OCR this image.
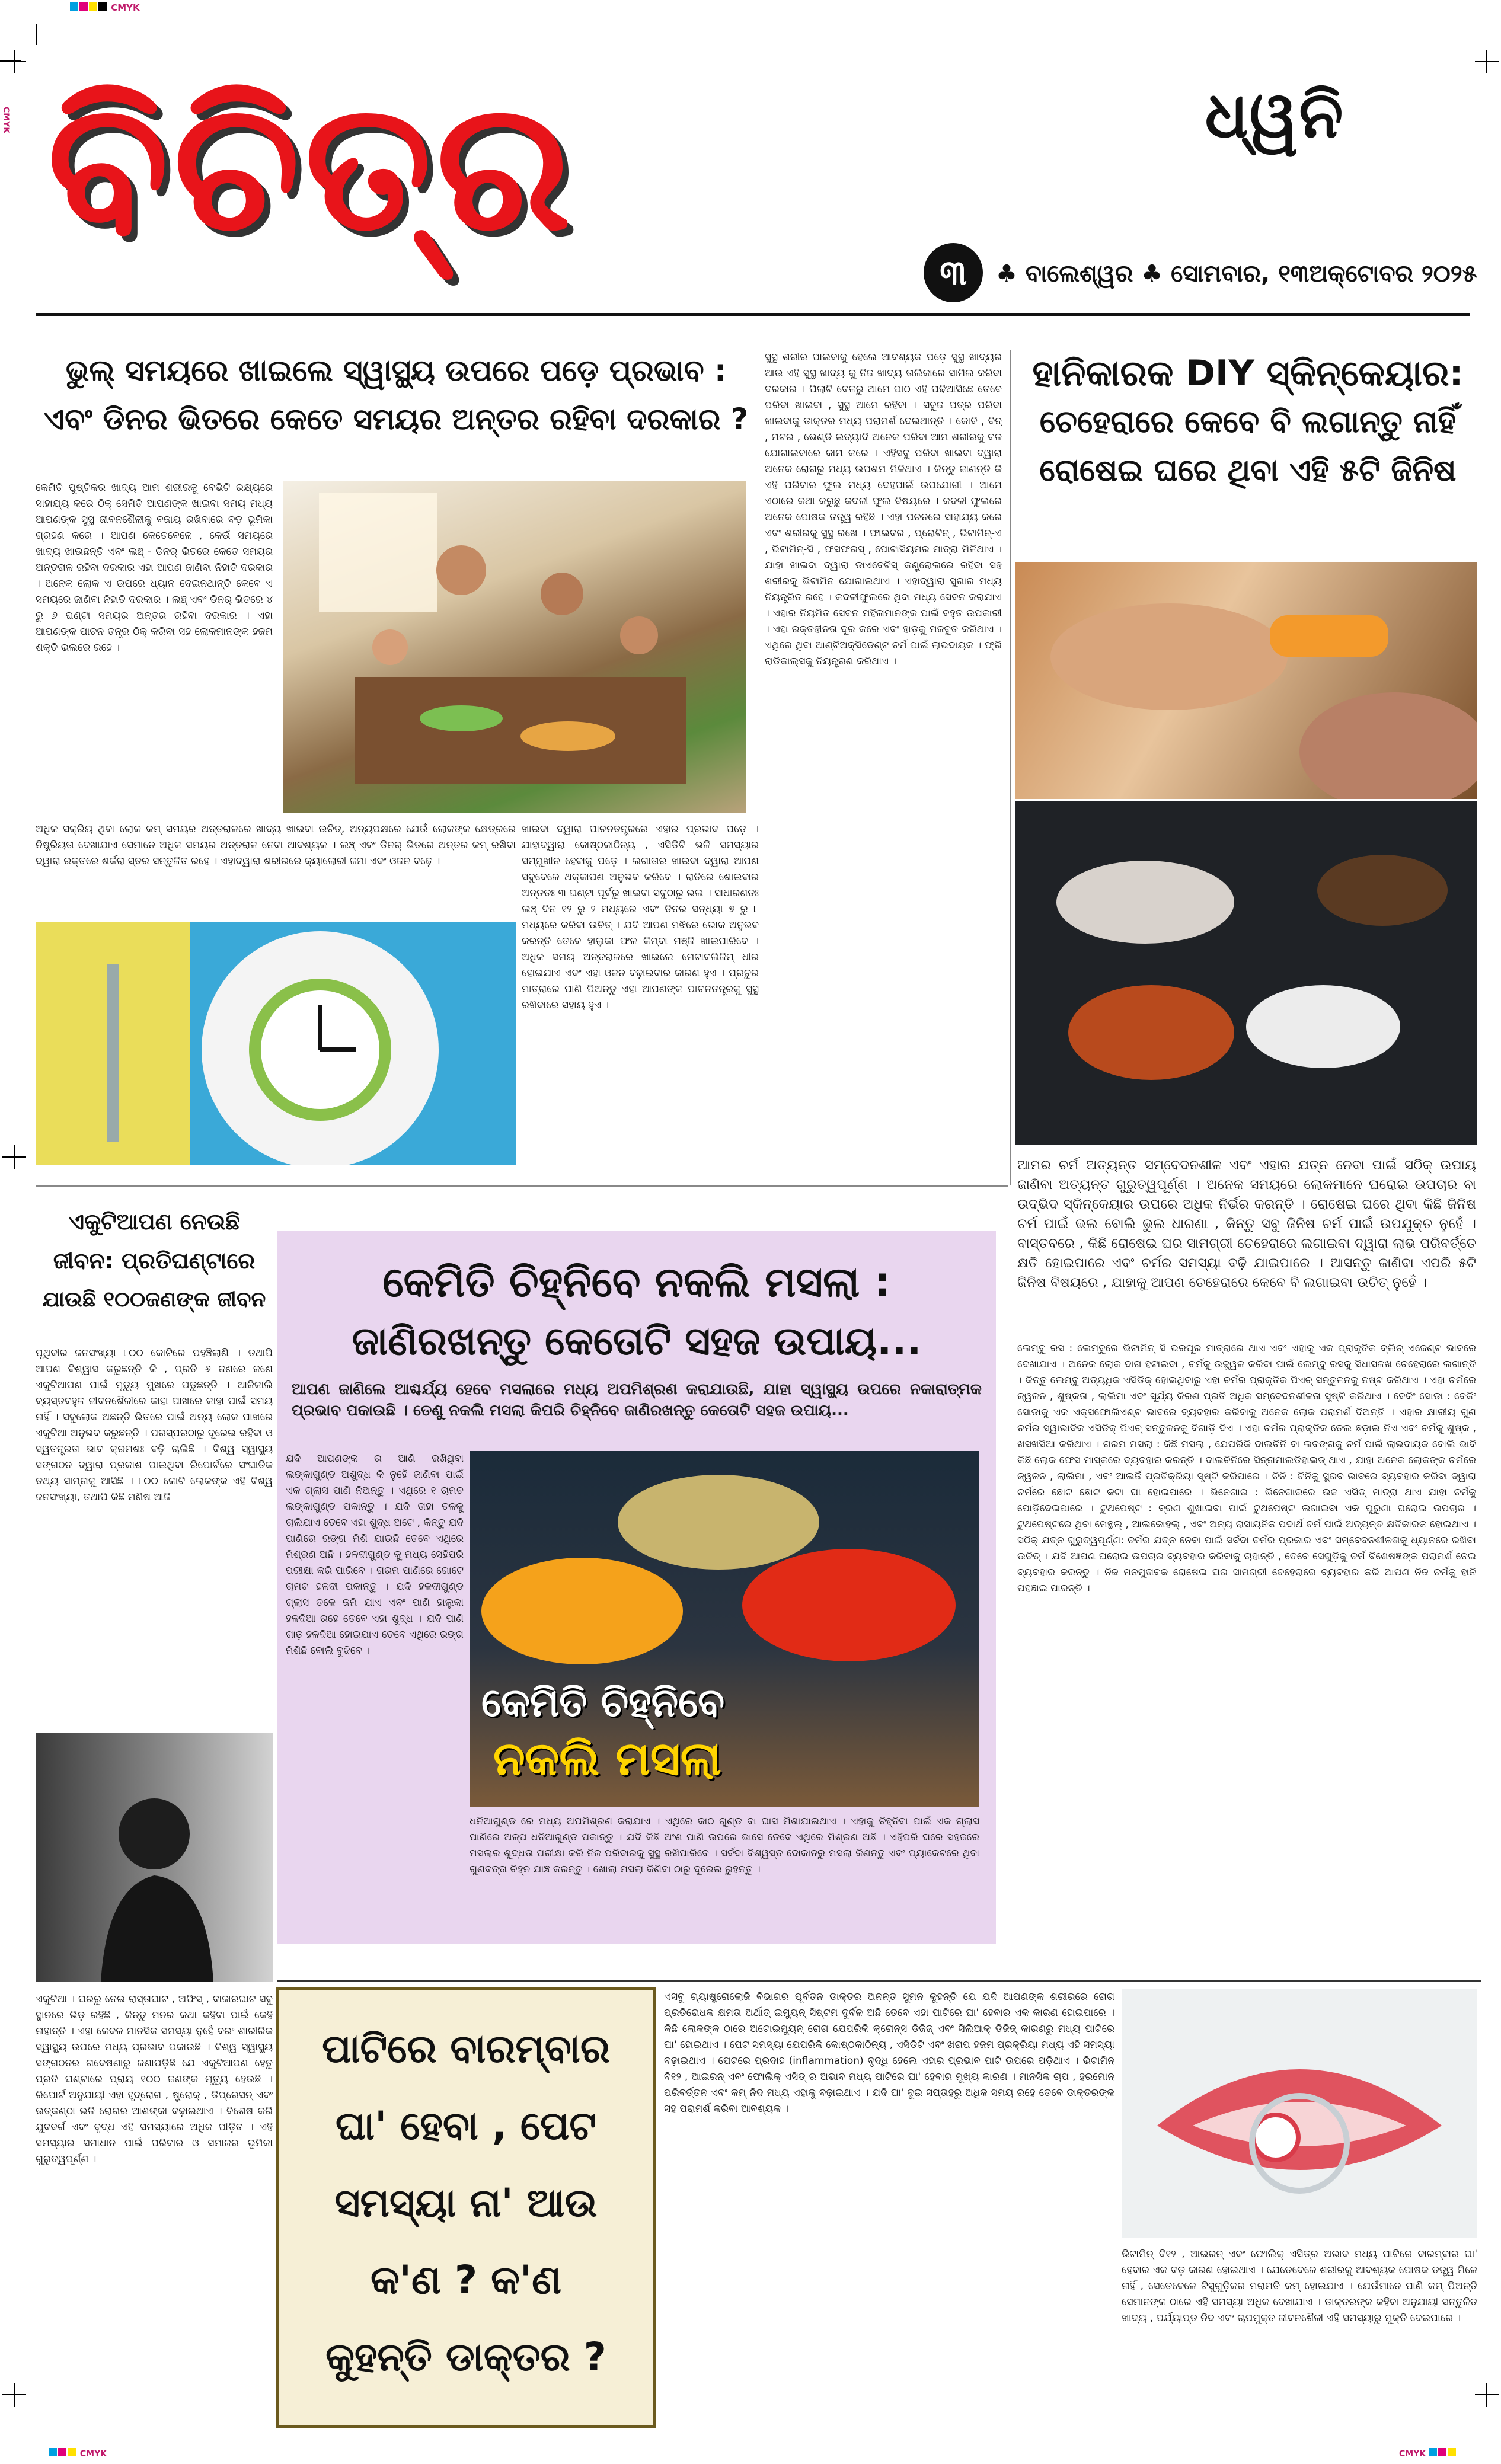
CMYK
CMYK ବିଚିତ୍ର	ଧ୍ୱନି
୩	♣ ବାଲେଶ୍ୱର ♣ ସୋମବାର, ୧୩ଅକ୍ଟୋବର ୨୦୨୫
ଭୁଲ୍ ସମୟରେ ଖାଇଲେ ସ୍ୱାସ୍ଥ୍ୟ ଉପରେ ପଡ଼େ ପ୍ରଭାବ :
ଏବଂ ଡିନର ଭିତରେ କେତେ ସମୟର ଅନ୍ତର ରହିବା ଦରକାର ?
କେମିତି ପୁଷ୍ଟିକର ଖାଦ୍ୟ ଆମ ଶରୀରକୁ ବେଭିଟି ରକ୍ଷ୍ୟରେ ସାହାଯ୍ୟ କରେ ଠିକ୍ ସେମିତି ଆପଣଙ୍କ ଖାଇବା ସମୟ ମଧ୍ୟ ଆପଣଙ୍କ ସୁସ୍ଥ ଜୀବନଶୈଳୀକୁ ବଜାୟ ରଖିବାରେ ବଡ଼ ଭୂମିକା ଗ୍ରହଣ କରେ । ଆପଣ କେତେବେଳେ , କେଉଁ ସମୟରେ ଖାଦ୍ୟ ଖାଉଛନ୍ତି ଏବଂ ଲଞ୍ଚ୍ - ଡିନର୍ ଭିତରେ କେତେ ସମୟର ଅନ୍ତରାଳ ରହିବା ଦରକାର ଏହା ଆପଣ ଜାଣିବା ନିହାତି ଦରକାର । ଅନେକ ଲୋକ ଏ ଉପରେ ଧ୍ୟାନ ଦେଇନଥାନ୍ତି କେବେ ଏ ସମୟରେ ଜାଣିବା ନିହାତି ଦରକାର । ଲଞ୍ଚ୍ ଏବଂ ଡିନର୍ ଭିତରେ ୪ ରୁ ୬ ଘଣ୍ଟା ସମୟର ଅନ୍ତର ରହିବା ଦରକାର । ଏହା ଆପଣଙ୍କ ପାଚନ ତନ୍ତ୍ର ଠିକ୍ କରିବା ସହ ଲୋକମାନଙ୍କ ହଜମ ଶକ୍ତି ଭଲରେ ରହେ ।
ଅଧିକ ସକ୍ରିୟ ଥିବା ଲୋକ କମ୍ ସମୟର ଅନ୍ତରାଳରେ ଖାଦ୍ୟ ଖାଇବା ଉଚିତ୍, ଅନ୍ୟପକ୍ଷରେ ଯେଉଁ ଲୋକଙ୍କ କ୍ଷେତ୍ରରେ ନିଷ୍କ୍ରିୟତା ଦେଖାଯାଏ ସେମାନେ ଅଧିକ ସମୟର ଅନ୍ତରାଳ ନେବା ଆବଶ୍ୟକ । ଲଞ୍ଚ୍ ଏବଂ ଡିନର୍ ଭିତରେ ଅନ୍ତର କମ୍ ରଖିବା ଦ୍ୱାରା ରକ୍ତରେ ଶର୍କରା ସ୍ତର ସନ୍ତୁଳିତ ରହେ । ଏହାଦ୍ୱାରା ଶରୀରରେ କ୍ୟାଲୋରୀ ଜମା ଏବଂ ଓଜନ ବଢ଼େ ।
ଖାଇବା ଦ୍ୱାରା ପାଚନତନ୍ତ୍ରରେ ଏହାର ପ୍ରଭାବ ପଡ଼େ । ଯାହାଦ୍ୱାରା କୋଷ୍ଠକାଠିନ୍ୟ , ଏସିଡିଟି ଭଳି ସମସ୍ୟାର ସମ୍ମୁଖୀନ ହେବାକୁ ପଡ଼େ । ଲଗାତାର ଖାଇବା ଦ୍ୱାରା ଆପଣ ସବୁବେଳେ ଥକ୍କାପଣ ଅନୁଭବ କରିବେ । ରାତିରେ ଶୋଇବାର ଅନ୍ତତଃ ୩ ଘଣ୍ଟା ପୂର୍ବରୁ ଖାଇବା ସବୁଠାରୁ ଭଲ । ସାଧାରଣତଃ ଲଞ୍ଚ୍ ଦିନ ୧୨ ରୁ ୨ ମଧ୍ୟରେ ଏବଂ ଡିନର ସନ୍ଧ୍ୟା ୭ ରୁ ୮ ମଧ୍ୟରେ କରିବା ଉଚିତ୍ । ଯଦି ଆପଣ ମଝିରେ ଭୋକ ଅନୁଭବ କରନ୍ତି ତେବେ ହାଲୁକା ଫଳ କିମ୍ବା ମଞ୍ଜି ଖାଇପାରିବେ । ଅଧିକ ସମୟ ଅନ୍ତରାଳରେ ଖାଇଲେ ମେଟାବଲିଜିମ୍ ଧୀର ହୋଇଯାଏ ଏବଂ ଏହା ଓଜନ ବଢ଼ାଇବାର କାରଣ ହୁଏ । ପ୍ରଚୁର ମାତ୍ରାରେ ପାଣି ପିଅନ୍ତୁ ଏହା ଆପଣଙ୍କ ପାଚନତନ୍ତ୍ରକୁ ସୁସ୍ଥ ରଖିବାରେ ସହାୟ ହୁଏ ।
ସୁସ୍ଥ ଶରୀର ପାଇବାକୁ ହେଲେ ଆବଶ୍ୟକ ପଡ଼େ ସୁସ୍ଥ ଖାଦ୍ୟର ଆଉ ଏହି ସୁସ୍ଥ ଖାଦ୍ୟ କୁ ନିଜ ଖାଦ୍ୟ ତାଲିକାରେ ସାମିଲ କରିବା ଦରକାର । ପିଲାଟି ବେଳରୁ ଆମେ ପାଠ ଏହି ପଢିଆସିଛେ ତେବେ ପରିବା ଖାଇବା , ସୁସ୍ଥ ଆମେ ରହିବା । ସବୁଜ ପତ୍ର ପରିବା ଖାଇବାକୁ ଡାକ୍ତର ମଧ୍ୟ ପରାମର୍ଶ ଦେଇଥାନ୍ତି । କୋବି , ବିନ୍ , ମଟର , ଭେଣ୍ଡି ଇତ୍ୟାଦି ଅନେକ ପରିବା ଆମ ଶରୀରକୁ ବଳ ଯୋଗାଇବାରେ କାମ କରେ । ଏହିସବୁ ପରିବା ଖାଇବା ଦ୍ୱାରା ଅନେକ ରୋଗରୁ ମଧ୍ୟ ଉପଶମ ମିଳିଥାଏ । କିନ୍ତୁ ଜାଣନ୍ତି କି ଏହି ପରିବାର ଫୁଲ ମଧ୍ୟ ଦେହପାଇଁ ଉପଯୋଗୀ । ଆମେ ଏଠାରେ କଥା କରୁଛୁ କଦଳୀ ଫୁଲ ବିଷୟରେ । କଦଳୀ ଫୁଲରେ ଅନେକ ପୋଷକ ତତ୍ତ୍ୱ ରହିଛି । ଏହା ପଚନରେ ସାହାଯ୍ୟ କରେ ଏବଂ ଶରୀରକୁ ସୁସ୍ଥ ରଖେ । ଫାଇବର , ପ୍ରୋଟିନ୍ , ଭିଟାମିନ୍-ଏ , ଭିଟାମିନ୍-ସି , ଫସଫରସ୍ , ପୋଟାସିୟମର ମାତ୍ରା ମିଳିଥାଏ । ଯାହା ଖାଇବା ଦ୍ୱାରା ଡାଏବେଟିସ୍ କଣ୍ଟ୍ରୋଲରେ ରହିବା ସହ ଶରୀରକୁ ଭିଟାମିନ ଯୋଗାଇଥାଏ । ଏହାଦ୍ୱାରା ସୁଗାର ମଧ୍ୟ ନିୟନ୍ତ୍ରିତ ରହେ । କଦଳୀଫୁଲରେ ଥିବା ମଧ୍ୟ ସେବନ କରାଯାଏ । ଏହାର ନିୟମିତ ସେବନ ମହିଳାମାନଙ୍କ ପାଇଁ ବହୁତ ଉପକାରୀ । ଏହା ରକ୍ତହୀନତା ଦୂର କରେ ଏବଂ ହାଡ଼କୁ ମଜବୁତ କରିଥାଏ । ଏଥିରେ ଥିବା ଆଣ୍ଟିଅକ୍ସିଡେଣ୍ଟ ଚର୍ମ ପାଇଁ ଲାଭଦାୟକ । ଫ୍ରି ରାଡିକାଲ୍ସକୁ ନିୟନ୍ତ୍ରଣ କରିଥାଏ ।
ହାନିକାରକ DIY ସ୍କିନ୍‌କେୟାର:
ଚେହେରାରେ କେବେ ବି ଲଗାନ୍ତୁ ନାହିଁ
ରୋଷେଇ ଘରେ ଥିବା ଏହି ୫ଟି ଜିନିଷ
ଆମର ଚର୍ମ ଅତ୍ୟନ୍ତ ସମ୍ବେଦନଶୀଳ ଏବଂ ଏହାର ଯତ୍ନ ନେବା ପାଇଁ ସଠିକ୍ ଉପାୟ ଜାଣିବା ଅତ୍ୟନ୍ତ ଗୁରୁତ୍ୱପୂର୍ଣ୍ଣ । ଅନେକ ସମୟରେ ଲୋକମାନେ ଘରୋଇ ଉପଚାର ବା ଉଦ୍ଭିଦ ସ୍କିନ୍‌କେୟାର ଉପରେ ଅଧିକ ନିର୍ଭର କରନ୍ତି । ରୋଷେଇ ଘରେ ଥିବା କିଛି ଜିନିଷ ଚର୍ମ ପାଇଁ ଭଲ ବୋଲି ଭୁଲ ଧାରଣା , କିନ୍ତୁ ସବୁ ଜିନିଷ ଚର୍ମ ପାଇଁ ଉପଯୁକ୍ତ ନୁହେଁ । ବାସ୍ତବରେ , କିଛି ରୋଷେଇ ଘର ସାମଗ୍ରୀ ଚେହେରାରେ ଲଗାଇବା ଦ୍ୱାରା ଲାଭ ପରିବର୍ତ୍ତେ କ୍ଷତି ହୋଇପାରେ ଏବଂ ଚର୍ମର ସମସ୍ୟା ବଢ଼ି ଯାଇପାରେ । ଆସନ୍ତୁ ଜାଣିବା ଏପରି ୫ଟି ଜିନିଷ ବିଷୟରେ , ଯାହାକୁ ଆପଣ ଚେହେରାରେ କେବେ ବି ଲଗାଇବା ଉଚିତ୍ ନୁହେଁ ।
ଲେମ୍ବୁ ରସ : ଲେମ୍ବୁରେ ଭିଟାମିନ୍ ସି ଭରପୂର ମାତ୍ରାରେ ଥାଏ ଏବଂ ଏହାକୁ ଏକ ପ୍ରାକୃତିକ ବ୍ଲିଚ୍ ଏଜେଣ୍ଟ ଭାବରେ ଦେଖାଯାଏ । ଅନେକ ଲୋକ ଦାଗ ହଟାଇବା , ଚର୍ମକୁ ଉଜ୍ଜ୍ୱଳ କରିବା ପାଇଁ ଲେମ୍ବୁ ରସକୁ ସିଧାସଳଖ ଚେହେରାରେ ଲଗାନ୍ତି । କିନ୍ତୁ ଲେମ୍ବୁ ଅତ୍ୟଧିକ ଏସିଡିକ୍ ହୋଇଥିବାରୁ ଏହା ଚର୍ମର ପ୍ରାକୃତିକ ପିଏଚ୍ ସନ୍ତୁଳନକୁ ନଷ୍ଟ କରିଥାଏ । ଏହା ଚର୍ମରେ ଜ୍ୱଳନ , ଶୁଷ୍କତା , ଲାଲିମା ଏବଂ ସୂର୍ଯ୍ୟ କିରଣ ପ୍ରତି ଅଧିକ ସମ୍ବେଦନଶୀଳତା ସୃଷ୍ଟି କରିଥାଏ । ବେକିଂ ସୋଡା : ବେକିଂ ସୋଡାକୁ ଏକ ଏକ୍ସଫୋଲିଏଣ୍ଟ ଭାବରେ ବ୍ୟବହାର କରିବାକୁ ଅନେକ ଲୋକ ପରାମର୍ଶ ଦିଅନ୍ତି । ଏହାର କ୍ଷାରୀୟ ଗୁଣ ଚର୍ମର ସ୍ୱାଭାବିକ ଏସିଡିକ୍ ପିଏଚ୍ ସନ୍ତୁଳନକୁ ବିଗାଡ଼ି ଦିଏ । ଏହା ଚର୍ମର ପ୍ରାକୃତିକ ତେଲ ଛଡ଼ାଇ ନିଏ ଏବଂ ଚର୍ମକୁ ଶୁଷ୍କ , ଖସଖସିଆ କରିଥାଏ । ଗରମ ମସଲା : କିଛି ମସଲା , ଯେପରିକି ଦାଲଚିନି ବା ଲବଙ୍ଗକୁ ଚର୍ମ ପାଇଁ ଲାଭଦାୟକ ବୋଲି ଭାବି କିଛି ଲୋକ ଫେସ ମାସ୍କରେ ବ୍ୟବହାର କରନ୍ତି । ଦାଲଚିନିରେ ସିନ୍ନାମାଲଡିହାଇଡ୍ ଥାଏ , ଯାହା ଅନେକ ଲୋକଙ୍କ ଚର୍ମରେ ଜ୍ୱଳନ , ଲାଲିମା , ଏବଂ ଆଲର୍ଜି ପ୍ରତିକ୍ରିୟା ସୃଷ୍ଟି କରିପାରେ । ଚିନି : ଚିନିକୁ ସ୍କ୍ରବ ଭାବରେ ବ୍ୟବହାର କରିବା ଦ୍ୱାରା ଚର୍ମରେ ଛୋଟ ଛୋଟ କଟା ଘା ହୋଇପାରେ । ଭିନେଗାର : ଭିନେଗାରରେ ଉଚ୍ଚ ଏସିଡ୍ ମାତ୍ରା ଥାଏ ଯାହା ଚର୍ମକୁ ପୋଡ଼ିଦେଇପାରେ । ଟୁଥପେଷ୍ଟ : ବ୍ରଣ ଶୁଖାଇବା ପାଇଁ ଟୁଥପେଷ୍ଟ ଲଗାଇବା ଏକ ପୁରୁଣା ଘରୋଇ ଉପଚାର । ଟୁଥପେଷ୍ଟରେ ଥିବା ମେନ୍ଥଲ୍ , ଆଲକୋହଲ୍ , ଏବଂ ଅନ୍ୟ ରାସାୟନିକ ପଦାର୍ଥ ଚର୍ମ ପାଇଁ ଅତ୍ୟନ୍ତ କ୍ଷତିକାରକ ହୋଇଥାଏ । ସଠିକ୍ ଯତ୍ନ ଗୁରୁତ୍ୱପୂର୍ଣ୍ଣ: ଚର୍ମର ଯତ୍ନ ନେବା ପାଇଁ ସର୍ବଦା ଚର୍ମର ପ୍ରକାର ଏବଂ ସମ୍ବେଦନଶୀଳତାକୁ ଧ୍ୟାନରେ ରଖିବା ଉଚିତ୍ । ଯଦି ଆପଣ ଘରୋଇ ଉପଚାର ବ୍ୟବହାର କରିବାକୁ ଚାହାନ୍ତି , ତେବେ ସେଗୁଡ଼ିକୁ ଚର୍ମ ବିଶେଷଜ୍ଞଙ୍କ ପରାମର୍ଶ ନେଇ ବ୍ୟବହାର କରନ୍ତୁ । ନିଜ ମନମୁତାବକ ରୋଷେଇ ଘର ସାମଗ୍ରୀ ଚେହେରାରେ ବ୍ୟବହାର କରି ଆପଣ ନିଜ ଚର୍ମକୁ ହାନି ପହଞ୍ଚାଇ ପାରନ୍ତି ।
ଏକୁଟିଆପଣ ନେଉଛି
ଜୀବନ: ପ୍ରତିଘଣ୍ଟାରେ
ଯାଉଛି ୧୦୦ଜଣଙ୍କ ଜୀବନ
ପୃଥିବୀର ଜନସଂଖ୍ୟା ୮୦୦ କୋଟିରେ ପହଞ୍ଚିଲାଣି । ତଥାପି ଆପଣ ବିଶ୍ୱାସ କରୁଛନ୍ତି କି , ପ୍ରତି ୬ ଜଣରେ ଜଣେ ଏକୁଟିଆପଣ ପାଇଁ ମୃତ୍ୟୁ ମୁଖରେ ପଡୁଛନ୍ତି । ଆଜିକାଲି ବ୍ୟସ୍ତବହୁଳ ଜୀବନଶୈଳୀରେ କାହା ପାଖରେ କାହା ପାଇଁ ସମୟ ନାହିଁ । ସବୁଲୋକ ଅଛନ୍ତି ଭିତରେ ପାଇଁ ଅନ୍ୟ ଲୋକ ପାଖରେ ଏକୁଟିଆ ଅନୁଭବ କରୁଛନ୍ତି । ପରସ୍ପରଠାରୁ ଦୂରେଇ ରହିବା ଓ ସ୍ୱତନ୍ତ୍ରତା ଭାବ କ୍ରମଶଃ ବଢ଼ି ଚାଲିଛି । ବିଶ୍ୱ ସ୍ୱାସ୍ଥ୍ୟ ସଙ୍ଗଠନ ଦ୍ୱାରା ପ୍ରକାଶ ପାଇଥିବା ରିପୋର୍ଟରେ ସଂଘାତିକ ତଥ୍ୟ ସାମ୍ନାକୁ ଆସିଛି । ୮୦୦ କୋଟି ଲୋକଙ୍କ ଏହି ବିଶ୍ୱ ଜନସଂଖ୍ୟା, ତଥାପି କିଛି ମଣିଷ ଆଜି
ଏକୁଟିଆ । ଘରରୁ ନେଇ ରାସ୍ତାଘାଟ , ଅଫିସ୍ , ବାଜାରଘାଟ ସବୁ ସ୍ଥାନରେ ଭିଡ଼ ରହିଛି , କିନ୍ତୁ ମନର କଥା କହିବା ପାଇଁ କେହି ନାହାନ୍ତି । ଏହା କେବଳ ମାନସିକ ସମସ୍ୟା ନୁହେଁ ବରଂ ଶାରୀରିକ ସ୍ୱାସ୍ଥ୍ୟ ଉପରେ ମଧ୍ୟ ପ୍ରଭାବ ପକାଉଛି । ବିଶ୍ୱ ସ୍ୱାସ୍ଥ୍ୟ ସଙ୍ଗଠନର ଗବେଷଣାରୁ ଜଣାପଡ଼ିଛି ଯେ ଏକୁଟିଆପଣ ହେତୁ ପ୍ରତି ଘଣ୍ଟାରେ ପ୍ରାୟ ୧୦୦ ଜଣଙ୍କ ମୃତ୍ୟୁ ହେଉଛି । ରିପୋର୍ଟ ଅନୁଯାୟୀ ଏହା ହୃଦ୍‌ରୋଗ , ଷ୍ଟ୍ରୋକ୍ , ଡିପ୍ରେସନ୍ ଏବଂ ଉତ୍କଣ୍ଠା ଭଳି ରୋଗର ଆଶଙ୍କା ବଢ଼ାଇଥାଏ । ବିଶେଷ କରି ଯୁବବର୍ଗ ଏବଂ ବୃଦ୍ଧ ଏହି ସମସ୍ୟାରେ ଅଧିକ ପୀଡ଼ିତ । ଏହି ସମସ୍ୟାର ସମାଧାନ ପାଇଁ ପରିବାର ଓ ସମାଜର ଭୂମିକା ଗୁରୁତ୍ୱପୂର୍ଣ୍ଣ ।
କେମିତି ଚିହ୍ନିବେ ନକଲି ମସଲା :
ଜାଣିରଖନ୍ତୁ କେତୋଟି ସହଜ ଉପାୟ...
ଆପଣ ଜାଣିଲେ ଆଶ୍ଚର୍ଯ୍ୟ ହେବେ ମସଲାରେ ମଧ୍ୟ ଅପମିଶ୍ରଣ କରାଯାଉଛି, ଯାହା ସ୍ୱାସ୍ଥ୍ୟ ଉପରେ ନକାରାତ୍ମକ ପ୍ରଭାବ ପକାଉଛି । ତେଣୁ ନକଲି ମସଲା କିପରି ଚିହ୍ନିବେ ଜାଣିରଖନ୍ତୁ କେତୋଟି ସହଜ ଉପାୟ...
ଯଦି ଆପଣଙ୍କ ର ଆଣି ରଖିଥିବା ଲଙ୍କାଗୁଣ୍ଡ ଅଶୁଦ୍ଧ କି ନୁହେଁ ଜାଣିବା ପାଇଁ ଏକ ଗ୍ଲାସ ପାଣି ନିଅନ୍ତୁ । ଏଥିରେ ୧ ଚାମଚ ଲଙ୍କାଗୁଣ୍ଡ ପକାନ୍ତୁ । ଯଦି ତାହା ତଳକୁ ଚାଲିଯାଏ ତେବେ ଏହା ଶୁଦ୍ଧ ଅଟେ , କିନ୍ତୁ ଯଦି ପାଣିରେ ରଙ୍ଗ ମିଶି ଯାଉଛି ତେବେ ଏଥିରେ ମିଶ୍ରଣ ଅଛି । ହଳଦୀଗୁଣ୍ଡ କୁ ମଧ୍ୟ ସେହିପରି ପରୀକ୍ଷା କରି ପାରିବେ । ଗରମ ପାଣିରେ ଗୋଟେ ଚାମଚ ହଳଦୀ ପକାନ୍ତୁ । ଯଦି ହଳଦୀଗୁଣ୍ଡ ଗ୍ଲାସ ତଳେ ଜମି ଯାଏ ଏବଂ ପାଣି ହାଲୁକା ହଳଦିଆ ରହେ ତେବେ ଏହା ଶୁଦ୍ଧ । ଯଦି ପାଣି ଗାଢ଼ ହଳଦିଆ ହୋଇଯାଏ ତେବେ ଏଥିରେ ରଙ୍ଗ ମିଶିଛି ବୋଲି ବୁଝିବେ ।
କେମିତି ଚିହ୍ନିବେ
ନକଲି ମସଲା
ଧନିଆଗୁଣ୍ଡ ରେ ମଧ୍ୟ ଅପମିଶ୍ରଣ କରାଯାଏ । ଏଥିରେ କାଠ ଗୁଣ୍ଡ ବା ଘାସ ମିଶାଯାଇଥାଏ । ଏହାକୁ ଚିହ୍ନିବା ପାଇଁ ଏକ ଗ୍ଲାସ ପାଣିରେ ଅଳ୍ପ ଧନିଆଗୁଣ୍ଡ ପକାନ୍ତୁ । ଯଦି କିଛି ଅଂଶ ପାଣି ଉପରେ ଭାସେ ତେବେ ଏଥିରେ ମିଶ୍ରଣ ଅଛି । ଏହିପରି ଘରେ ସହଜରେ ମସଲାର ଶୁଦ୍ଧତା ପରୀକ୍ଷା କରି ନିଜ ପରିବାରକୁ ସୁସ୍ଥ ରଖିପାରିବେ । ସର୍ବଦା ବିଶ୍ୱସ୍ତ ଦୋକାନରୁ ମସଲା କିଣନ୍ତୁ ଏବଂ ପ୍ୟାକେଟରେ ଥିବା ଗୁଣବତ୍ତା ଚିହ୍ନ ଯାଞ୍ଚ କରନ୍ତୁ । ଖୋଲା ମସଲା କିଣିବା ଠାରୁ ଦୂରେଇ ରୁହନ୍ତୁ ।
ପାଟିରେ ବାରମ୍ବାର
ଘା' ହେବା , ପେଟ
ସମସ୍ୟା ନା' ଆଉ
କ'ଣ ? କ'ଣ
କୁହନ୍ତି ଡାକ୍ତର ?
ଏସବୁ ଗ୍ୟାଷ୍ଟ୍ରୋଲୋଜି ବିଭାଗର ପୂର୍ବତନ ଡାକ୍ତର ଅନନ୍ତ ସୁମନ କୁହନ୍ତି ଯେ ଯଦି ଆପଣଙ୍କ ଶରୀରରେ ରୋଗ ପ୍ରତିରୋଧକ କ୍ଷମତା ଅର୍ଥାତ୍ ଇମ୍ୟୁନ୍ ସିଷ୍ଟମ ଦୁର୍ବଳ ଅଛି ତେବେ ଏହା ପାଟିରେ ଘା' ହେବାର ଏକ କାରଣ ହୋଇପାରେ । କିଛି ଲୋକଙ୍କ ଠାରେ ଅଟୋଇମ୍ୟୁନ୍ ରୋଗ ଯେପରିକି କ୍ରୋନ୍ସ ଡିଜିଜ୍ ଏବଂ ସିଲିଆକ୍ ଡିଜିଜ୍ କାରଣରୁ ମଧ୍ୟ ପାଟିରେ ଘା' ହୋଇଥାଏ । ପେଟ ସମସ୍ୟା ଯେପରିକି କୋଷ୍ଠକାଠିନ୍ୟ , ଏସିଡିଟି ଏବଂ ଖରାପ ହଜମ ପ୍ରକ୍ରିୟା ମଧ୍ୟ ଏହି ସମସ୍ୟା ବଢ଼ାଇଥାଏ । ପେଟରେ ପ୍ରଦାହ (inflammation) ବୃଦ୍ଧି ହେଲେ ଏହାର ପ୍ରଭାବ ପାଟି ଉପରେ ପଡ଼ିଥାଏ । ଭିଟାମିନ୍ ବି୧୨ , ଆଇରନ୍ ଏବଂ ଫୋଲିକ୍ ଏସିଡ୍ ର ଅଭାବ ମଧ୍ୟ ପାଟିରେ ଘା' ହେବାର ମୁଖ୍ୟ କାରଣ । ମାନସିକ ଚାପ , ହରମୋନ୍ ପରିବର୍ତ୍ତନ ଏବଂ କମ୍ ନିଦ ମଧ୍ୟ ଏହାକୁ ବଢ଼ାଇଥାଏ । ଯଦି ଘା' ଦୁଇ ସପ୍ତାହରୁ ଅଧିକ ସମୟ ରହେ ତେବେ ଡାକ୍ତରଙ୍କ ସହ ପରାମର୍ଶ କରିବା ଆବଶ୍ୟକ ।
ଭିଟାମିନ୍ ବି୧୨ , ଆଇରନ୍ ଏବଂ ଫୋଲିକ୍ ଏସିଡ୍‌ର ଅଭାବ ମଧ୍ୟ ପାଟିରେ ବାରମ୍ବାର ଘା' ହେବାର ଏକ ବଡ଼ କାରଣ ହୋଇଥାଏ । ଯେତେବେଳେ ଶରୀରକୁ ଆବଶ୍ୟକ ପୋଷକ ତତ୍ତ୍ୱ ମିଳେ ନାହିଁ , ସେତେବେଳେ ଟିସୁଗୁଡ଼ିକର ମରାମତି କମ୍ ହୋଇଯାଏ । ଯେଉଁମାନେ ପାଣି କମ୍ ପିଅନ୍ତି ସେମାନଙ୍କ ଠାରେ ଏହି ସମସ୍ୟା ଅଧିକ ଦେଖାଯାଏ । ଡାକ୍ତରଙ୍କ କହିବା ଅନୁଯାୟୀ ସନ୍ତୁଳିତ ଖାଦ୍ୟ , ପର୍ଯ୍ୟାପ୍ତ ନିଦ ଏବଂ ଚାପମୁକ୍ତ ଜୀବନଶୈଳୀ ଏହି ସମସ୍ୟାରୁ ମୁକ୍ତି ଦେଇପାରେ ।
CMYK	CMYK
